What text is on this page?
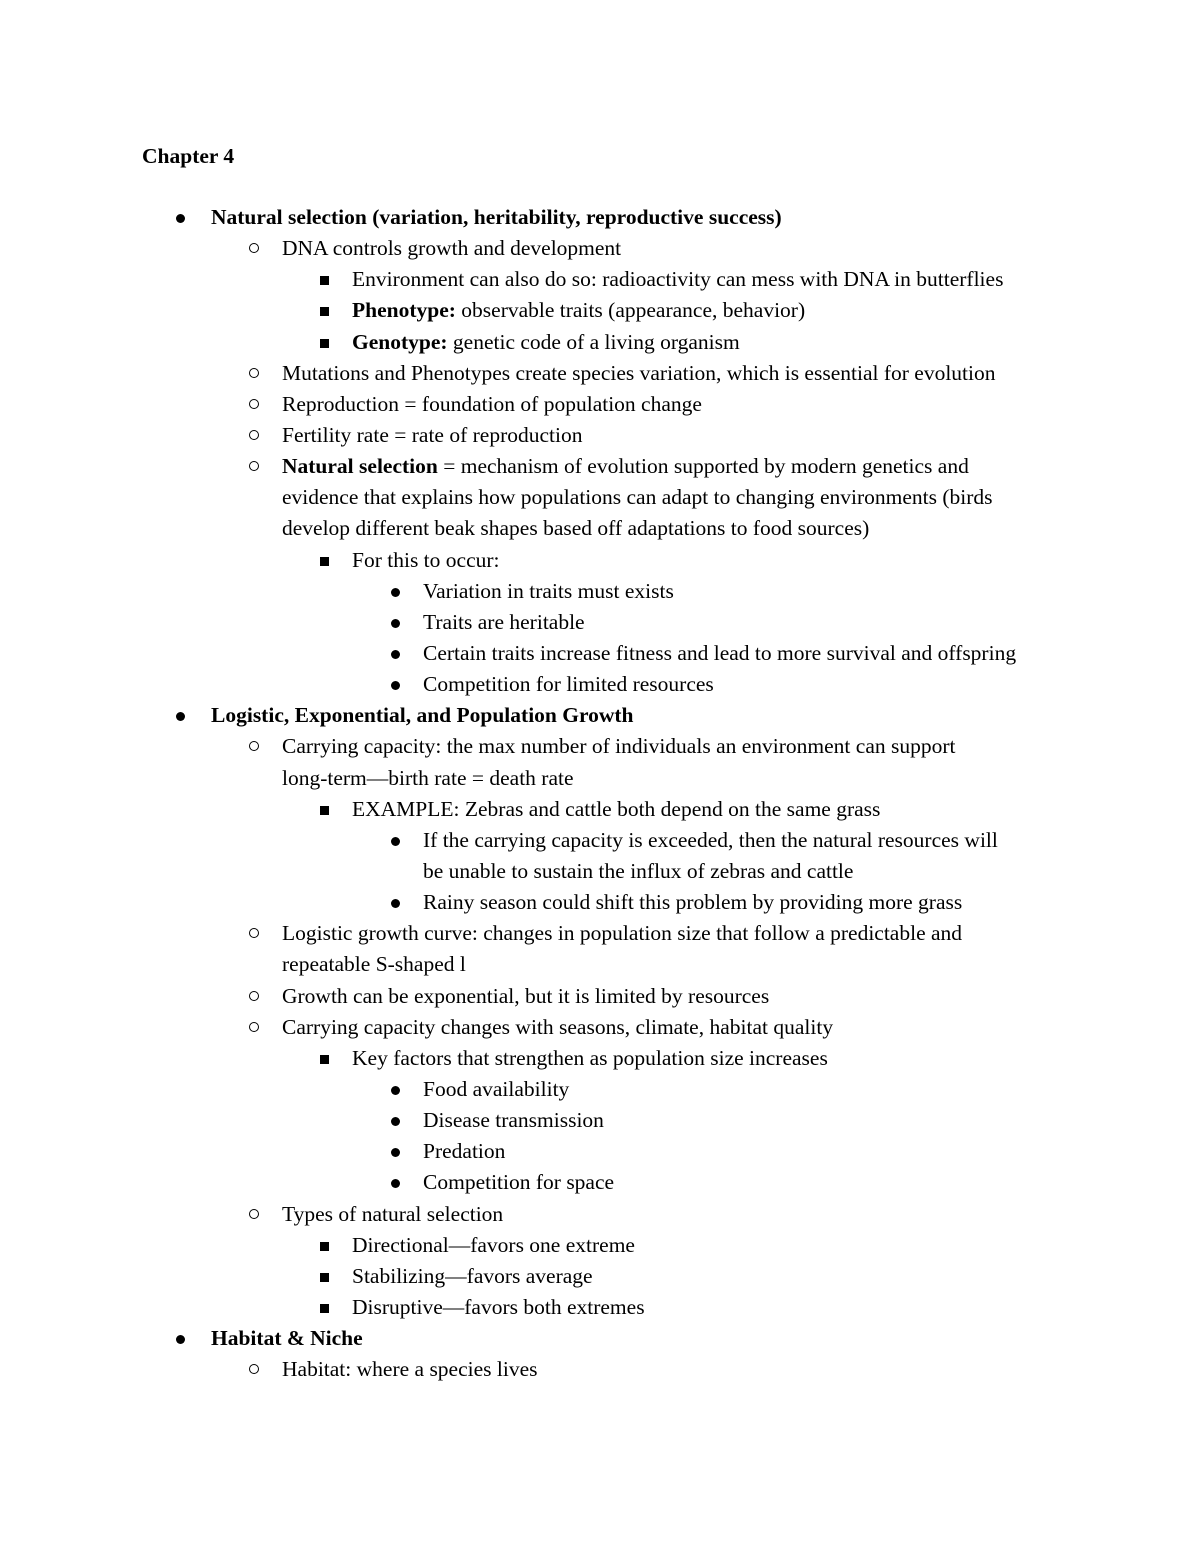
Chapter 4
Natural selection (variation, heritability, reproductive success)
DNA controls growth and development
Environment can also do so: radioactivity can mess with DNA in butterflies
Phenotype: observable traits (appearance, behavior)
Genotype: genetic code of a living organism
Mutations and Phenotypes create species variation, which is essential for evolution
Reproduction = foundation of population change
Fertility rate = rate of reproduction
Natural selection = mechanism of evolution supported by modern genetics and
evidence that explains how populations can adapt to changing environments (birds
develop different beak shapes based off adaptations to food sources)
For this to occur:
Variation in traits must exists
Traits are heritable
Certain traits increase fitness and lead to more survival and offspring
Competition for limited resources
Logistic, Exponential, and Population Growth
Carrying capacity: the max number of individuals an environment can support
long-term—birth rate = death rate
EXAMPLE: Zebras and cattle both depend on the same grass
If the carrying capacity is exceeded, then the natural resources will
be unable to sustain the influx of zebras and cattle
Rainy season could shift this problem by providing more grass
Logistic growth curve: changes in population size that follow a predictable and
repeatable S-shaped l
Growth can be exponential, but it is limited by resources
Carrying capacity changes with seasons, climate, habitat quality
Key factors that strengthen as population size increases
Food availability
Disease transmission
Predation
Competition for space
Types of natural selection
Directional—favors one extreme
Stabilizing—favors average
Disruptive—favors both extremes
Habitat & Niche
Habitat: where a species lives
